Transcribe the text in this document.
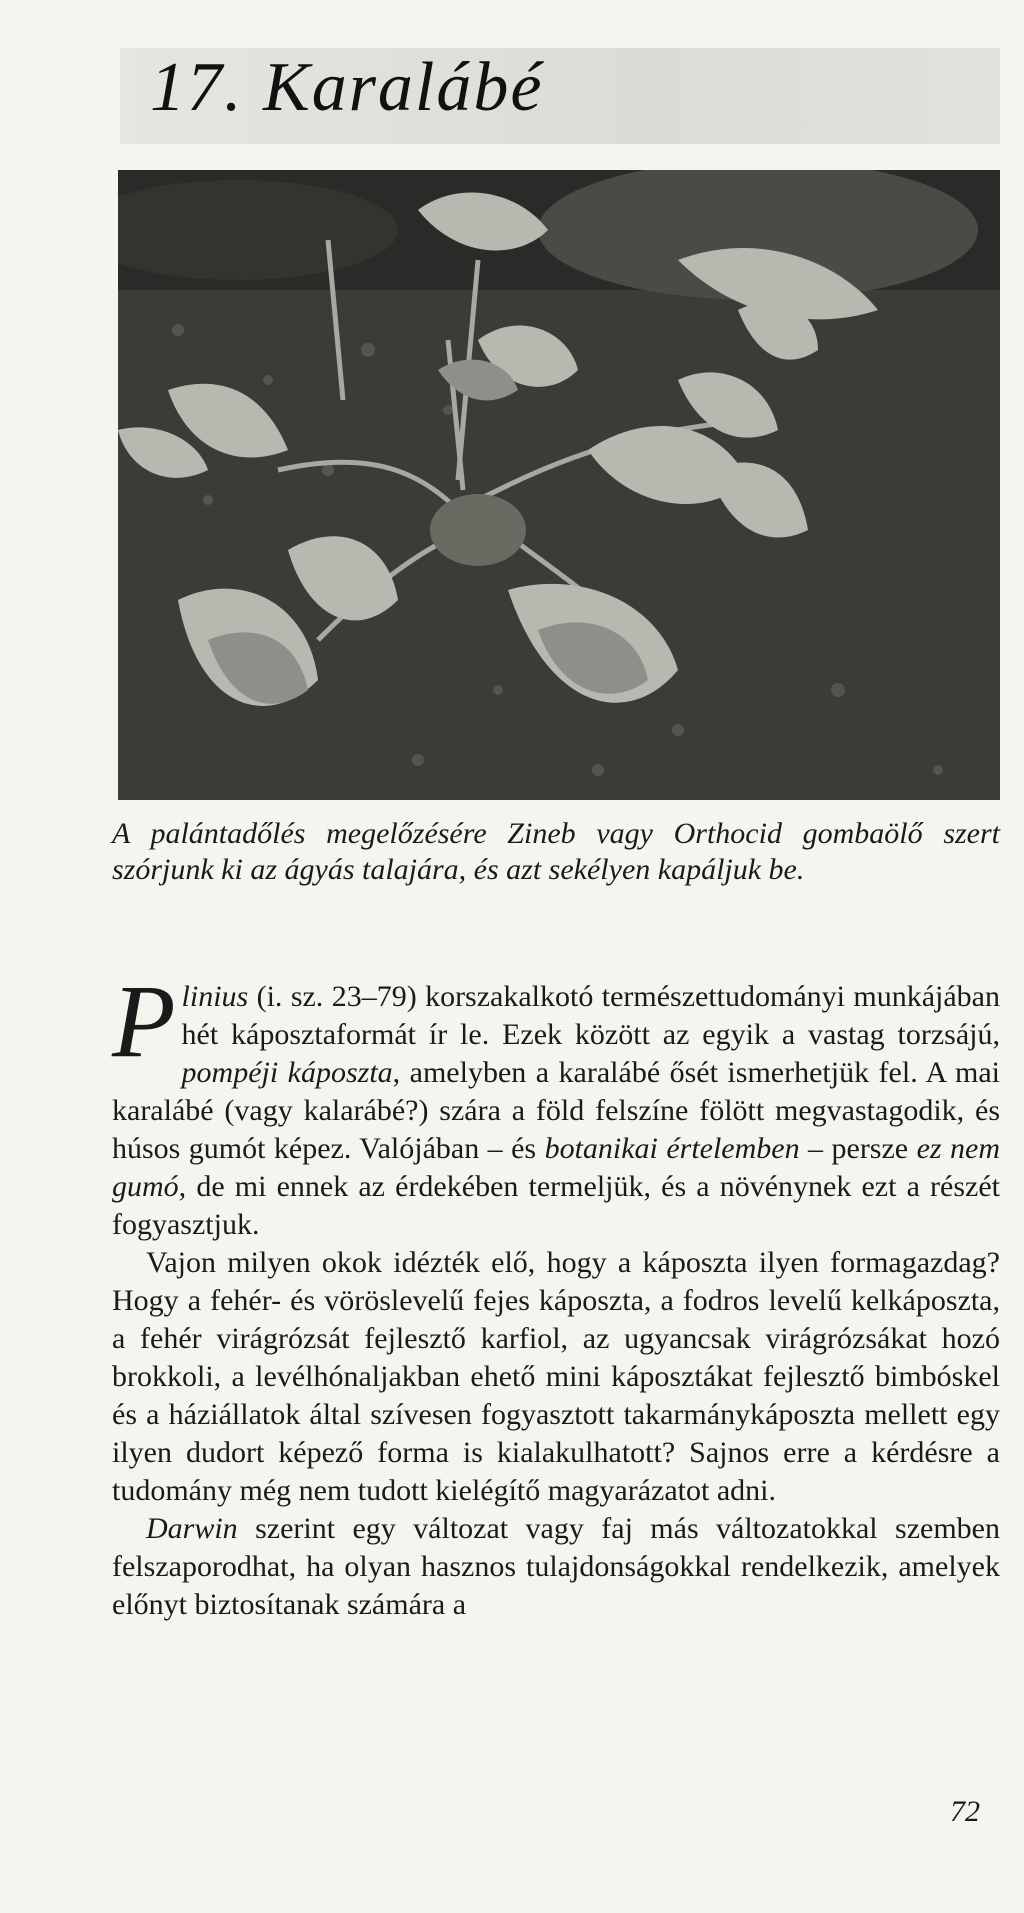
17. Karalábé

A palántadőlés megelőzésére Zineb vagy Orthocid gombaölő szert szórjunk ki az ágyás talajára, és azt sekélyen kapáljuk be.

Plinius (i. sz. 23–79) korszakalkotó természettudományi munkájában hét káposztaformát ír le. Ezek között az egyik a vastag torzsájú, pompéji káposzta, amelyben a karalábé ősét ismerhetjük fel. A mai karalábé (vagy kalarábé?) szára a föld felszíne fölött megvastagodik, és húsos gumót képez. Valójában – és botanikai értelemben – persze ez nem gumó, de mi ennek az érdekében termeljük, és a növénynek ezt a részét fogyasztjuk.

Vajon milyen okok idézték elő, hogy a káposzta ilyen formagazdag? Hogy a fehér- és vöröslevelű fejes káposzta, a fodros levelű kelkáposzta, a fehér virágrózsát fejlesztő karfiol, az ugyancsak virágrózsákat hozó brokkoli, a levélhónaljakban ehető mini káposztákat fejlesztő bimbóskel és a háziállatok által szívesen fogyasztott takarmánykáposzta mellett egy ilyen dudort képező forma is kialakulhatott? Sajnos erre a kérdésre a tudomány még nem tudott kielégítő magyarázatot adni.

Darwin szerint egy változat vagy faj más változatokkal szemben felszaporodhat, ha olyan hasznos tulajdonságokkal rendelkezik, amelyek előnyt biztosítanak számára a

72
